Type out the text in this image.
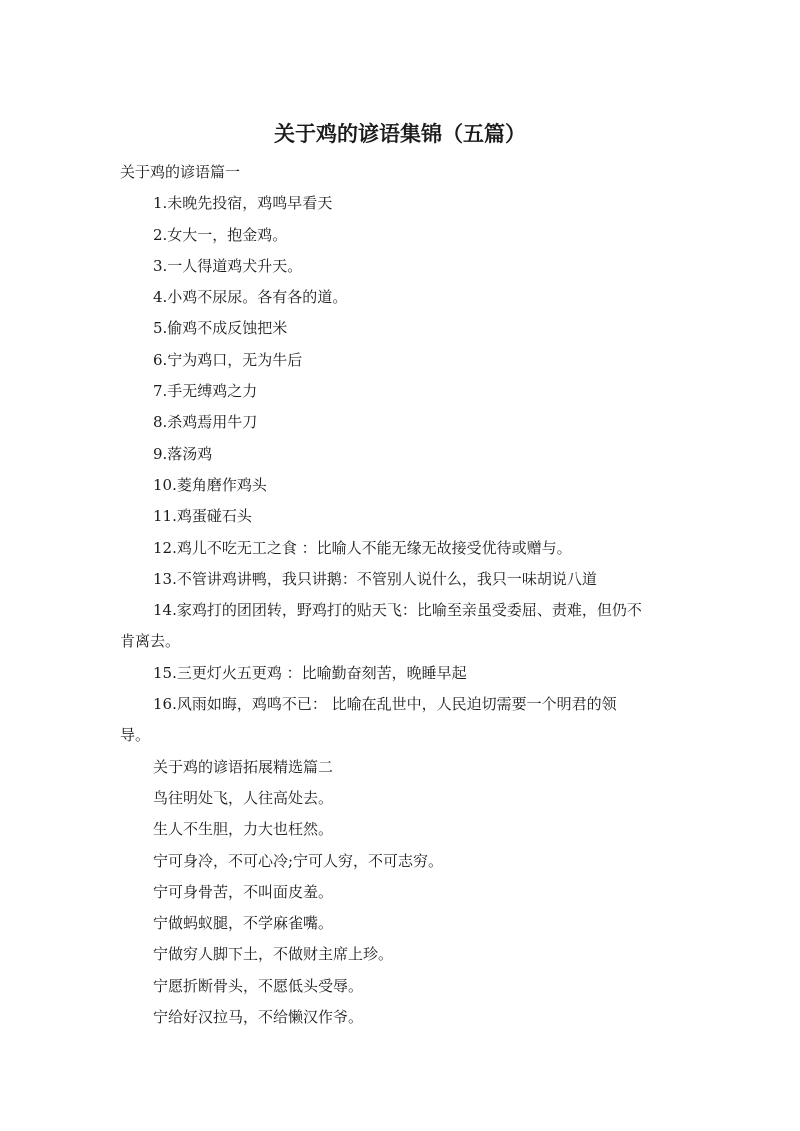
关于鸡的谚语集锦（五篇）

关于鸡的谚语篇一

1.未晚先投宿，鸡鸣早看天

2.女大一，抱金鸡。

3.一人得道鸡犬升天。

4.小鸡不尿尿。各有各的道。

5.偷鸡不成反蚀把米

6.宁为鸡口，无为牛后

7.手无缚鸡之力

8.杀鸡焉用牛刀

9.落汤鸡

10.菱角磨作鸡头

11.鸡蛋碰石头

12.鸡儿不吃无工之食 ：比喻人不能无缘无故接受优待或赠与。

13.不管讲鸡讲鸭，我只讲鹅：不管别人说什么，我只一味胡说八道

14.家鸡打的团团转，野鸡打的贴天飞：比喻至亲虽受委屈、责难，但仍不
肯离去。

15.三更灯火五更鸡 ：比喻勤奋刻苦，晚睡早起

16.风雨如晦，鸡鸣不已： 比喻在乱世中，人民迫切需要一个明君的领
导。

关于鸡的谚语拓展精选篇二

鸟往明处飞，人往高处去。

生人不生胆，力大也枉然。

宁可身冷，不可心冷;宁可人穷，不可志穷。

宁可身骨苦，不叫面皮羞。

宁做蚂蚁腿，不学麻雀嘴。

宁做穷人脚下土，不做财主席上珍。

宁愿折断骨头，不愿低头受辱。

宁给好汉拉马，不给懒汉作爷。
